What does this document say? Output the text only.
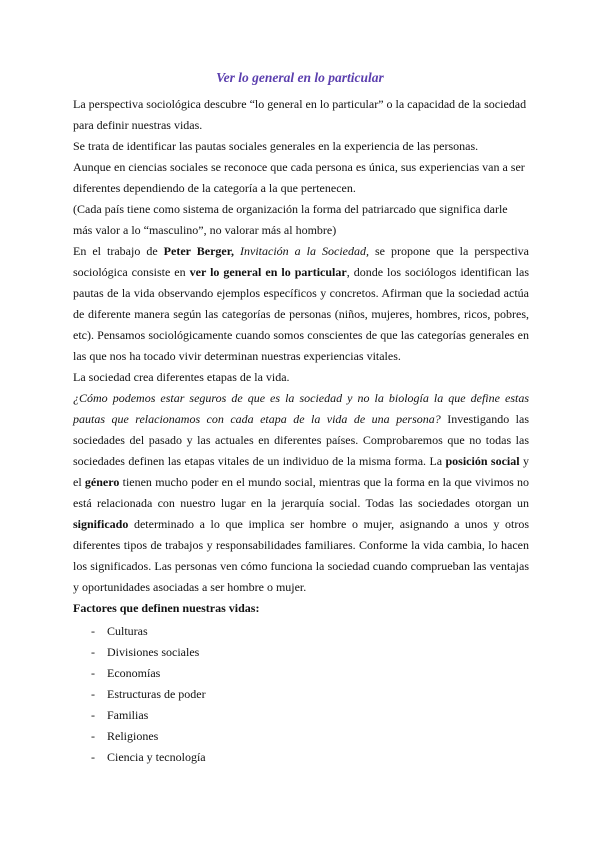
Ver lo general en lo particular

La perspectiva sociológica descubre “lo general en lo particular” o la capacidad de la sociedad para definir nuestras vidas.

Se trata de identificar las pautas sociales generales en la experiencia de las personas.

Aunque en ciencias sociales se reconoce que cada persona es única, sus experiencias van a ser diferentes dependiendo de la categoría a la que pertenecen.

(Cada país tiene como sistema de organización la forma del patriarcado que significa darle más valor a lo “masculino”, no valorar más al hombre)

En el trabajo de Peter Berger, Invitación a la Sociedad, se propone que la perspectiva sociológica consiste en ver lo general en lo particular, donde los sociólogos identifican las pautas de la vida observando ejemplos específicos y concretos. Afirman que la sociedad actúa de diferente manera según las categorías de personas (niños, mujeres, hombres, ricos, pobres, etc). Pensamos sociológicamente cuando somos conscientes de que las categorías generales en las que nos ha tocado vivir determinan nuestras experiencias vitales.

La sociedad crea diferentes etapas de la vida.

¿Cómo podemos estar seguros de que es la sociedad y no la biología la que define estas pautas que relacionamos con cada etapa de la vida de una persona? Investigando las sociedades del pasado y las actuales en diferentes países. Comprobaremos que no todas las sociedades definen las etapas vitales de un individuo de la misma forma. La posición social y el género tienen mucho poder en el mundo social, mientras que la forma en la que vivimos no está relacionada con nuestro lugar en la jerarquía social. Todas las sociedades otorgan un significado determinado a lo que implica ser hombre o mujer, asignando a unos y otros diferentes tipos de trabajos y responsabilidades familiares. Conforme la vida cambia, lo hacen los significados. Las personas ven cómo funciona la sociedad cuando comprueban las ventajas y oportunidades asociadas a ser hombre o mujer.

Factores que definen nuestras vidas:

- Culturas
- Divisiones sociales
- Economías
- Estructuras de poder
- Familias
- Religiones
- Ciencia y tecnología
